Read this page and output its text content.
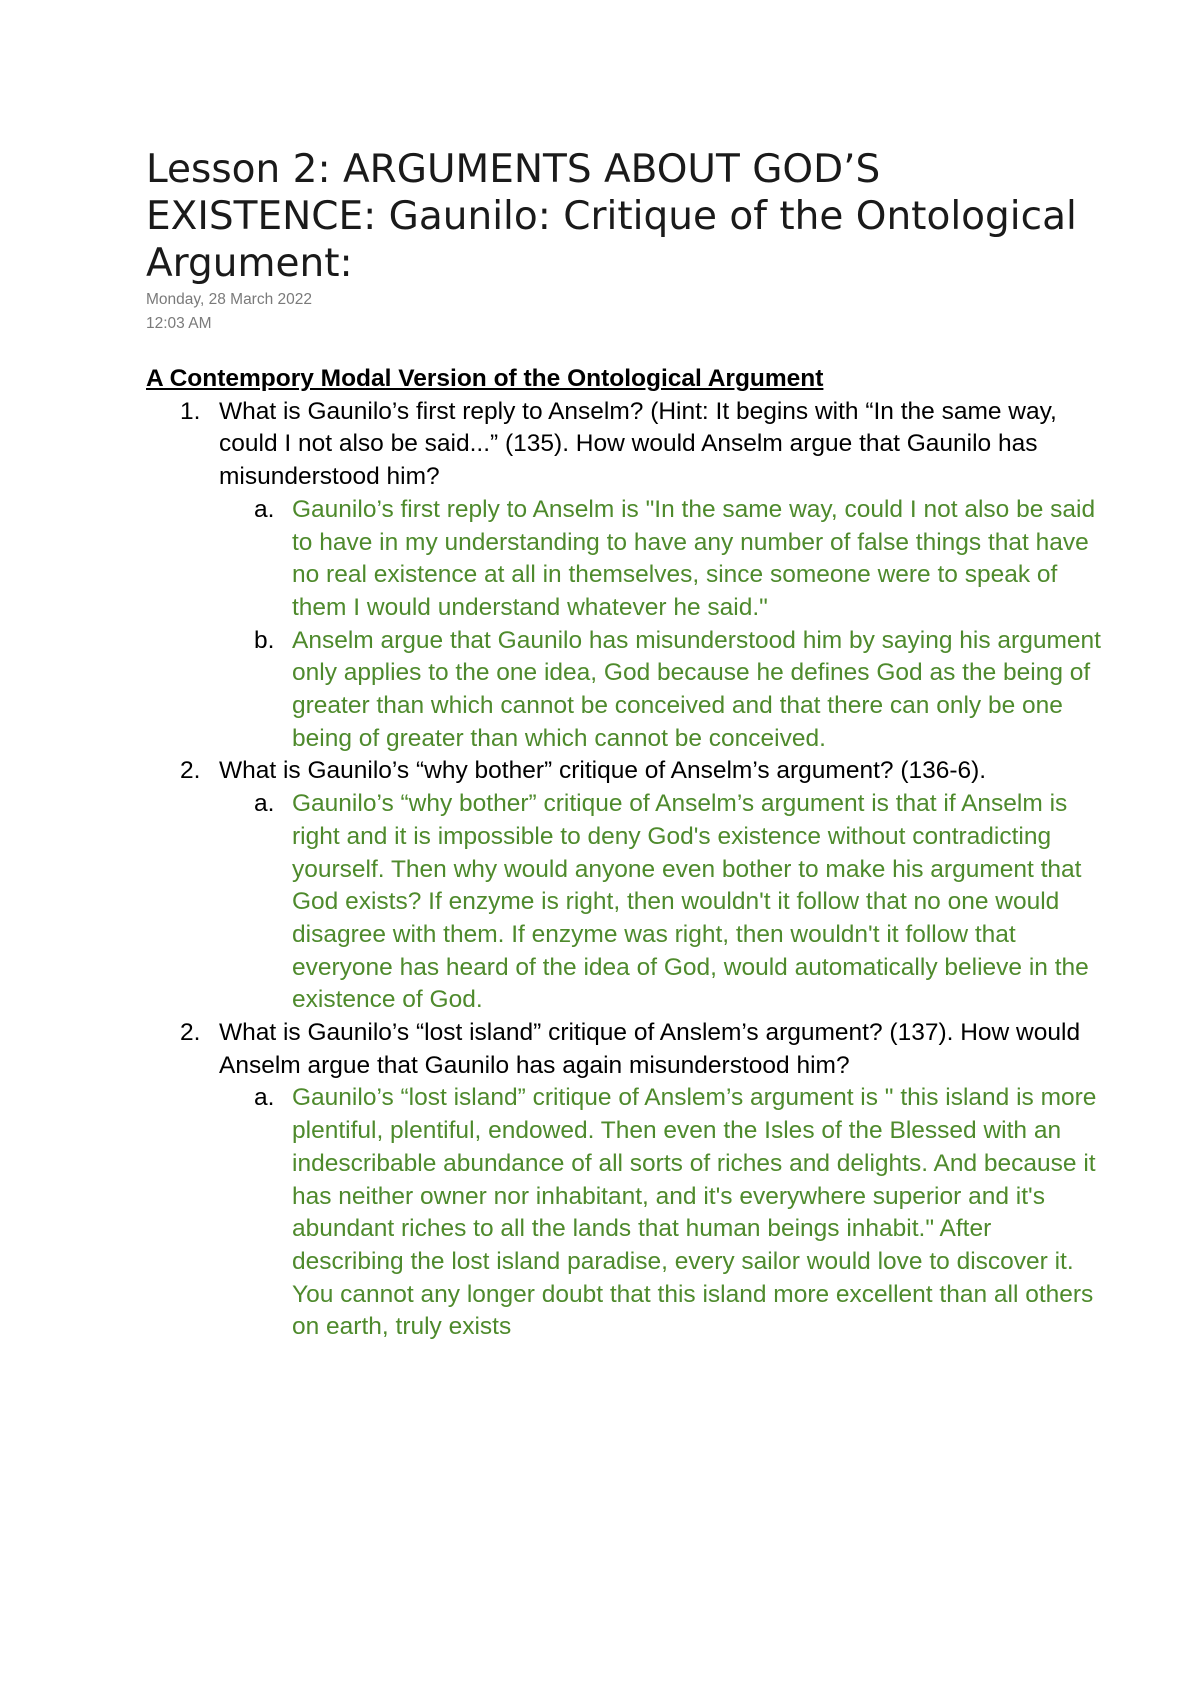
Lesson 2: ARGUMENTS ABOUT GOD’S EXISTENCE: Gaunilo: Critique of the Ontological Argument:
Monday, 28 March 2022
12:03 AM
A Contempory Modal Version of the Ontological Argument
1. What is Gaunilo’s first reply to Anselm? (Hint: It begins with “In the same way, could I not also be said...” (135). How would Anselm argue that Gaunilo has misunderstood him?
a. Gaunilo’s first reply to Anselm is "In the same way, could I not also be said to have in my understanding to have any number of false things that have no real existence at all in themselves, since someone were to speak of them I would understand whatever he said."
b. Anselm argue that Gaunilo has misunderstood him by saying his argument only applies to the one idea, God because he defines God as the being of greater than which cannot be conceived and that there can only be one being of greater than which cannot be conceived.
2. What is Gaunilo’s “why bother” critique of Anselm’s argument? (136-6).
a. Gaunilo’s “why bother” critique of Anselm’s argument is that if Anselm is right and it is impossible to deny God's existence without contradicting yourself. Then why would anyone even bother to make his argument that God exists? If enzyme is right, then wouldn't it follow that no one would disagree with them. If enzyme was right, then wouldn't it follow that everyone has heard of the idea of God, would automatically believe in the existence of God.
2. What is Gaunilo’s “lost island” critique of Anslem’s argument? (137). How would Anselm argue that Gaunilo has again misunderstood him?
a. Gaunilo’s “lost island” critique of Anslem’s argument is " this island is more plentiful, plentiful, endowed. Then even the Isles of the Blessed with an indescribable abundance of all sorts of riches and delights. And because it has neither owner nor inhabitant, and it's everywhere superior and it's abundant riches to all the lands that human beings inhabit." After describing the lost island paradise, every sailor would love to discover it. You cannot any longer doubt that this island more excellent than all others on earth, truly exists
